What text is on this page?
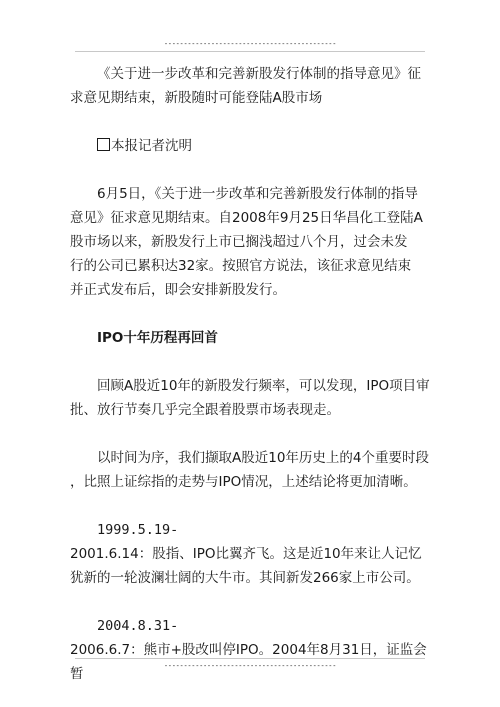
--------------------------------------------

《关于进一步改革和完善新股发行体制的指导意见》征

求意见期结束，新股随时可能登陆A股市场

本报记者沈明

6月5日，《关于进一步改革和完善新股发行体制的指导

意见》征求意见期结束。自2008年9月25日华昌化工登陆A

股市场以来，新股发行上市已搁浅超过八个月，过会未发

行的公司已累积达32家。按照官方说法，该征求意见结束

并正式发布后，即会安排新股发行。

IPO十年历程再回首

回顾A股近10年的新股发行频率，可以发现，IPO项目审

批、放行节奏几乎完全跟着股票市场表现走。

以时间为序，我们撷取A股近10年历史上的4个重要时段

，比照上证综指的走势与IPO情况，上述结论将更加清晰。

1999.5.19-

2001.6.14：股指、IPO比翼齐飞。这是近10年来让人记忆

犹新的一轮波澜壮阔的大牛市。其间新发266家上市公司。

2004.8.31-

2006.6.7：熊市+股改叫停IPO。2004年8月31日，证监会暂	--------------------------------------------
